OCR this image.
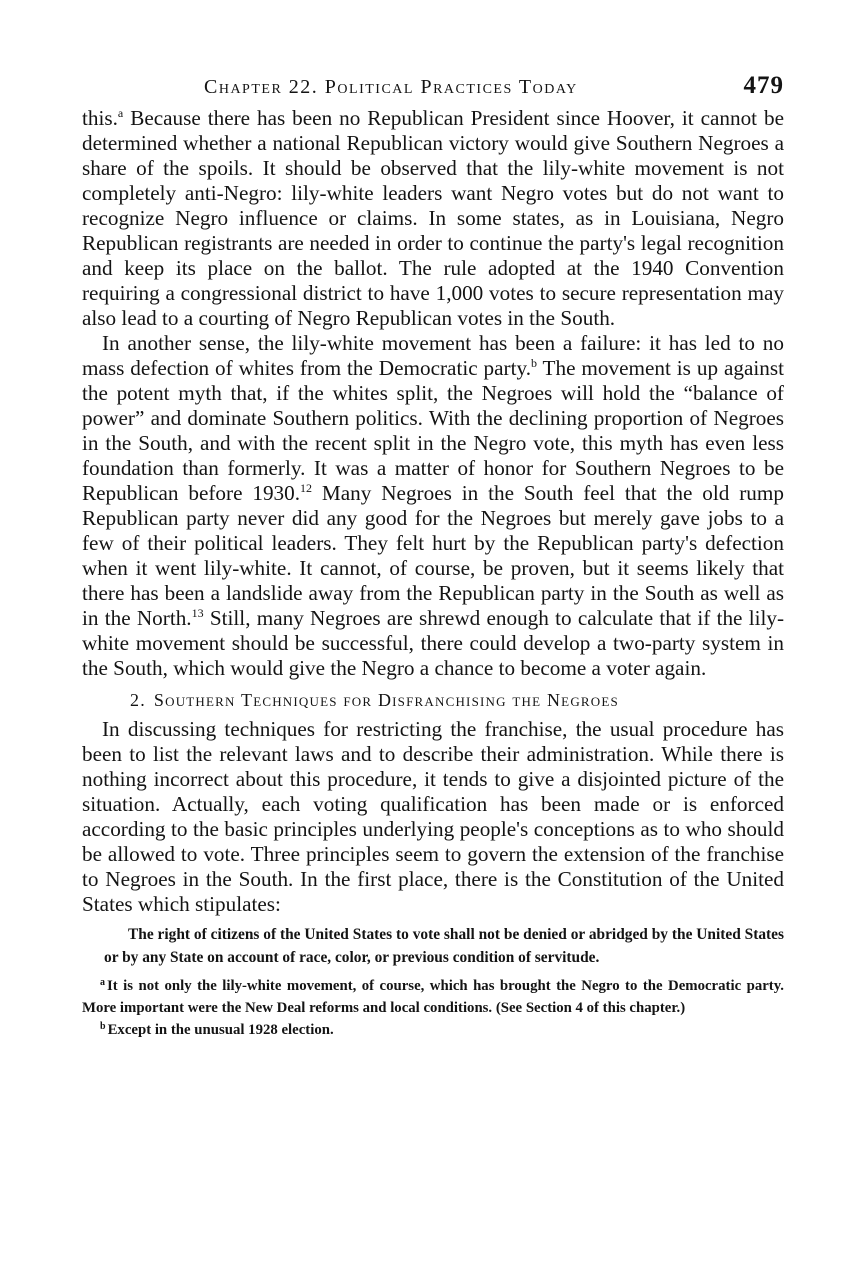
Chapter 22. Political Practices Today	479

this.$^a$ Because there has been no Republican President since Hoover, it cannot be determined whether a national Republican victory would give Southern Negroes a share of the spoils. It should be observed that the lily-white movement is not completely anti-Negro: lily-white leaders want Negro votes but do not want to recognize Negro influence or claims. In some states, as in Louisiana, Negro Republican registrants are needed in order to continue the party's legal recognition and keep its place on the ballot. The rule adopted at the 1940 Convention requiring a congressional district to have 1,000 votes to secure representation may also lead to a courting of Negro Republican votes in the South.

In another sense, the lily-white movement has been a failure: it has led to no mass defection of whites from the Democratic party.$^b$ The movement is up against the potent myth that, if the whites split, the Negroes will hold the “balance of power” and dominate Southern politics. With the declining proportion of Negroes in the South, and with the recent split in the Negro vote, this myth has even less foundation than formerly. It was a matter of honor for Southern Negroes to be Republican before 1930.12 Many Negroes in the South feel that the old rump Republican party never did any good for the Negroes but merely gave jobs to a few of their political leaders. They felt hurt by the Republican party's defection when it went lily-white. It cannot, of course, be proven, but it seems likely that there has been a landslide away from the Republican party in the South as well as in the North.$^{13}$ Still, many Negroes are shrewd enough to calculate that if the lily-white movement should be successful, there could develop a two-party system in the South, which would give the Negro a chance to become a voter again.

2. Southern Techniques for Disfranchising the Negroes

In discussing techniques for restricting the franchise, the usual procedure has been to list the relevant laws and to describe their administration. While there is nothing incorrect about this procedure, it tends to give a disjointed picture of the situation. Actually, each voting qualification has been made or is enforced according to the basic principles underlying people's conceptions as to who should be allowed to vote. Three principles seem to govern the extension of the franchise to Negroes in the South. In the first place, there is the Constitution of the United States which stipulates:

The right of citizens of the United States to vote shall not be denied or abridged by the United States or by any State on account of race, color, or previous condition of servitude.

$^a$ It is not only the lily-white movement, of course, which has brought the Negro to the Democratic party. More important were the New Deal reforms and local conditions. (See Section 4 of this chapter.)

$^b$ Except in the unusual 1928 election.
